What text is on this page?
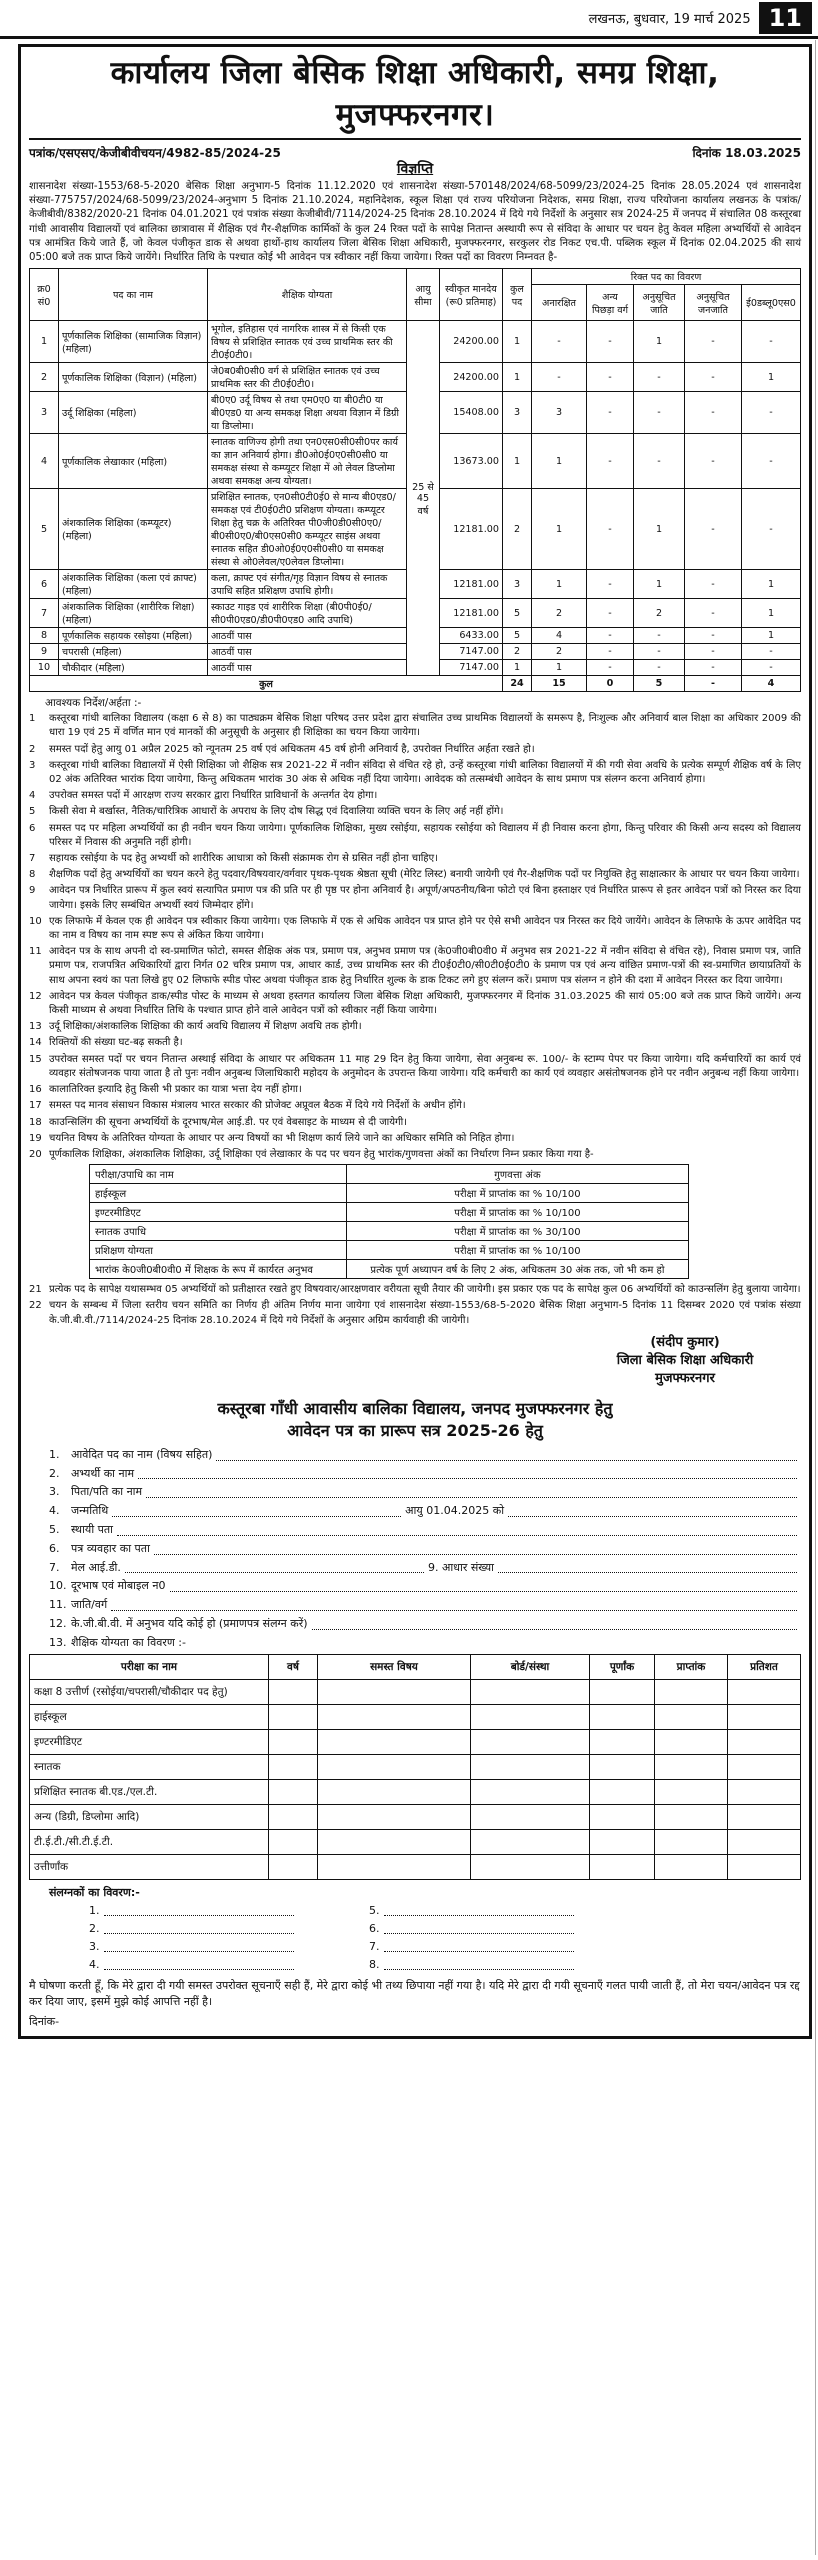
लखनऊ, बुधवार, 19 मार्च 2025 11
कार्यालय जिला बेसिक शिक्षा अधिकारी, समग्र शिक्षा, मुजफ्फरनगर।
पत्रांक/एसएसए/केजीबीवीचयन/4982-85/2024-25	दिनांक 18.03.2025
विज्ञप्ति
शासनादेश संख्या-1553/68-5-2020 बेसिक शिक्षा अनुभाग-5 दिनांक 11.12.2020 एवं शासनादेश संख्या-570148/2024/68-5099/23/2024-25 दिनांक 28.05.2024 एवं शासनादेश संख्या-775757/2024/68-5099/23/2024-अनुभाग 5 दिनांक 21.10.2024, महानिदेशक, स्कूल शिक्षा एवं राज्य परियोजना निदेशक, समग्र शिक्षा, राज्य परियोजना कार्यालय लखनऊ के पत्रांक/केजीबीवी/8382/2020-21 दिनांक 04.01.2021 एवं पत्रांक संख्या केजीबीवी/7114/2024-25 दिनांक 28.10.2024 में दिये गये निर्देशों के अनुसार सत्र 2024-25 में जनपद में संचालित 08 कस्तूरबा गांधी आवासीय विद्यालयों एवं बालिका छात्रावास में शैक्षिक एवं गैर-शैक्षणिक कार्मिकों के कुल 24 रिक्त पदों के सापेक्ष नितान्त अस्थायी रूप से संविदा के आधार पर चयन हेतु केवल महिला अभ्यर्थियों से आवेदन पत्र आमंत्रित किये जाते हैं, जो केवल पंजीकृत डाक से अथवा हाथों-हाथ कार्यालय जिला बेसिक शिक्षा अधिकारी, मुजफ्फरनगर, सरकुलर रोड निकट एच.पी. पब्लिक स्कूल में दिनांक 02.04.2025 की सायं 05:00 बजे तक प्राप्त किये जायेंगे। निर्धारित तिथि के पश्चात कोई भी आवेदन पत्र स्वीकार नहीं किया जायेगा। रिक्त पदों का विवरण निम्नवत है-
क्र0 सं0	पद का नाम	शैक्षिक योग्यता	आयु सीमा	स्वीकृत मानदेय (रू0 प्रतिमाह)	कुल पद	रिक्त पद का विवरण				
						अनारक्षित	अन्य पिछड़ा वर्ग	अनुसूचित जाति	अनुसूचित जनजाति	ई0डब्लू0एस0
1	पूर्णकालिक शिक्षिका (सामाजिक विज्ञान) (महिला)	भूगोल, इतिहास एवं नागरिक शास्त्र में से किसी एक विषय से प्रशिक्षित स्नातक एवं उच्च प्राथमिक स्तर की टी0ई0टी0।	25 से 45 वर्ष	24200.00	1	-	-	1	-	-
2	पूर्णकालिक शिक्षिका (विज्ञान) (महिला)	जे0ब0बी0सी0 वर्ग से प्रशिक्षित स्नातक एवं उच्च प्राथमिक स्तर की टी0ई0टी0।		24200.00	1	-	-	-	-	1
3	उर्दू शिक्षिका (महिला)	बी0ए0 उर्दू विषय से तथा एम0ए0 या बी0टी0 या बी0एड0 या अन्य समकक्ष शिक्षा अथवा विज्ञान में डिग्री या डिप्लोमा।		15408.00	3	3	-	-	-	-
4	पूर्णकालिक लेखाकार (महिला)	स्नातक वाणिज्य होगी तथा एन0एस0सी0सी0पर कार्य का ज्ञान अनिवार्य होगा। डी0ओ0ई0ए0सी0सी0 या समकक्ष संस्था से कम्प्यूटर शिक्षा में ओ लेवल डिप्लोमा अथवा समकक्ष अन्य योग्यता।		13673.00	1	1	-	-	-	-
5	अंशकालिक शिक्षिका (कम्प्यूटर) (महिला)	प्रशिक्षित स्नातक, एन0सी0टी0ई0 से मान्य बी0एड0/समकक्ष एवं टी0ई0टी0 प्रशिक्षण योग्यता। कम्प्यूटर शिक्षा हेतु चक्र के अतिरिक्त पी0जी0डी0सी0ए0/बी0सी0ए0/बी0एस0सी0 कम्प्यूटर साइंस अथवा स्नातक सहित डी0ओ0ई0ए0सी0सी0 या समकक्ष संस्था से ओ0लेवल/ए0लेवल डिप्लोमा।		12181.00	2	1	-	1	-	-
6	अंशकालिक शिक्षिका (कला एवं क्राफ्ट) (महिला)	कला, क्राफ्ट एवं संगीत/गृह विज्ञान विषय से स्नातक उपाधि सहित प्रशिक्षण उपाधि होगी।		12181.00	3	1	-	1	-	1
7	अंशकालिक शिक्षिका (शारीरिक शिक्षा) (महिला)	स्काउट गाइड एवं शारीरिक शिक्षा (बी0पी0ई0/सी0पी0एड0/डी0पी0एड0 आदि उपाधि)		12181.00	5	2	-	2	-	1
8	पूर्णकालिक सहायक रसोइया (महिला)	आठवीं पास		6433.00	5	4	-	-	-	1
9	चपरासी (महिला)	आठवीं पास		7147.00	2	2	-	-	-	-
10	चौकीदार (महिला)	आठवीं पास		7147.00	1	1	-	-	-	-
कुल					24	15	0	5	-	4
आवश्यक निर्देश/अर्हता :-
1	कस्तूरबा गांधी बालिका विद्यालय (कक्षा 6 से 8) का पाठ्यक्रम बेसिक शिक्षा परिषद उत्तर प्रदेश द्वारा संचालित उच्च प्राथमिक विद्यालयों के समरूप है, निःशुल्क और अनिवार्य बाल शिक्षा का अधिकार 2009 की धारा 19 एवं 25 में वर्णित मान एवं मानकों की अनुसूची के अनुसार ही शिक्षिका का चयन किया जायेगा।
2	समस्त पदों हेतु आयु 01 अप्रैल 2025 को न्यूनतम 25 वर्ष एवं अधिकतम 45 वर्ष होनी अनिवार्य है, उपरोक्त निर्धारित अर्हता रखते हो।
3	कस्तूरबा गांधी बालिका विद्यालयों में ऐसी शिक्षिका जो शैक्षिक सत्र 2021-22 में नवीन संविदा से वंचित रहे हो, उन्हें कस्तूरबा गांधी बालिका विद्यालयों में की गयी सेवा अवधि के प्रत्येक सम्पूर्ण शैक्षिक वर्ष के लिए 02 अंक अतिरिक्त भारांक दिया जायेगा, किन्तु अधिकतम भारांक 30 अंक से अधिक नहीं दिया जायेगा। आवेदक को तत्सम्बंधी आवेदन के साथ प्रमाण पत्र संलग्न करना अनिवार्य होगा।
4	उपरोक्त समस्त पदों में आरक्षण राज्य सरकार द्वारा निर्धारित प्राविधानों के अन्तर्गत देय होगा।
5	किसी सेवा मे बर्खास्त, नैतिक/चारित्रिक आधारों के अपराध के लिए दोष सिद्ध एवं दिवालिया व्यक्ति चयन के लिए अर्ह नहीं होंगे।
6	समस्त पद पर महिला अभ्यर्थियों का ही नवीन चयन किया जायेगा। पूर्णकालिक शिक्षिका, मुख्य रसोईया, सहायक रसोईया को विद्यालय में ही निवास करना होगा, किन्तु परिवार की किसी अन्य सदस्य को विद्यालय परिसर में निवास की अनुमति नहीं होगी।
7	सहायक रसोईया के पद हेतु अभ्यर्थी को शारीरिक आधात्रा को किसी संक्रामक रोग से ग्रसित नहीं होना चाहिए।
8	शैक्षणिक पदों हेतु अभ्यर्थियों का चयन करने हेतु पदवार/विषयवार/वर्गवार पृथक-पृथक श्रेष्ठता सूची (मेरिट लिस्ट) बनायी जायेगी एवं गैर-शैक्षणिक पदों पर नियुक्ति हेतु साक्षात्कार के आधार पर चयन किया जायेगा।
9	आवेदन पत्र निर्धारित प्रारूप में कुल स्वयं सत्यापित प्रमाण पत्र की प्रति पर ही पृष्ठ पर होना अनिवार्य है। अपूर्ण/अपठनीय/बिना फोटो एवं बिना हस्ताक्षर एवं निर्धारित प्रारूप से इतर आवेदन पत्रों को निरस्त कर दिया जायेगा। इसके लिए सम्बंधित अभ्यर्थी स्वयं जिम्मेदार होंगे।
10 एक लिफाफे में केवल एक ही आवेदन पत्र स्वीकार किया जायेगा। एक लिफाफे में एक से अधिक आवेदन पत्र प्राप्त होने पर ऐसे सभी आवेदन पत्र निरस्त कर दिये जायेंगे। आवेदन के लिफाफे के ऊपर आवेदित पद का नाम व विषय का नाम स्पष्ट रूप से अंकित किया जायेगा।
11 आवेदन पत्र के साथ अपनी दो स्व-प्रमाणित फोटो, समस्त शैक्षिक अंक पत्र, प्रमाण पत्र, अनुभव प्रमाण पत्र (के0जी0बी0वी0 में अनुभव सत्र 2021-22 में नवीन संविदा से वंचित रहे), निवास प्रमाण पत्र, जाति प्रमाण पत्र, राजपत्रित अधिकारियों द्वारा निर्गत 02 चरित्र प्रमाण पत्र, आधार कार्ड, उच्च प्राथमिक स्तर की टी0ई0टी0/सी0टी0ई0टी0 के प्रमाण पत्र एवं अन्य वांछित प्रमाण-पत्रों की स्व-प्रमाणित छायाप्रतियों के साथ अपना स्वयं का पता लिखे हुए 02 लिफाफे स्पीड पोस्ट अथवा पंजीकृत डाक हेतु निर्धारित शुल्क के डाक टिकट लगे हुए संलग्न करें। प्रमाण पत्र संलग्न न होने की दशा में आवेदन निरस्त कर दिया जायेगा।
12 आवेदन पत्र केवल पंजीकृत डाक/स्पीड पोस्ट के माध्यम से अथवा हस्तगत कार्यालय जिला बेसिक शिक्षा अधिकारी, मुजफ्फरनगर में दिनांक 31.03.2025 की सायं 05:00 बजे तक प्राप्त किये जायेंगे। अन्य किसी माध्यम से अथवा निर्धारित तिथि के पश्चात प्राप्त होने वाले आवेदन पत्रों को स्वीकार नहीं किया जायेगा।
13 उर्दू शिक्षिका/अंशकालिक शिक्षिका की कार्य अवधि विद्यालय में शिक्षण अवधि तक होगी।
14 रिक्तियों की संख्या घट-बढ़ सकती है।
15 उपरोक्त समस्त पदों पर चयन नितान्त अस्थाई संविदा के आधार पर अधिकतम 11 माह 29 दिन हेतु किया जायेगा, सेवा अनुबन्ध रू. 100/- के स्टाम्प पेपर पर किया जायेगा। यदि कर्मचारियों का कार्य एवं व्यवहार संतोषजनक पाया जाता है तो पुनः नवीन अनुबन्ध जिलाधिकारी महोदय के अनुमोदन के उपरान्त किया जायेगा। यदि कर्मचारी का कार्य एवं व्यवहार असंतोषजनक होने पर नवीन अनुबन्ध नहीं किया जायेगा।
16 कालातिरिक्त इत्यादि हेतु किसी भी प्रकार का यात्रा भत्ता देय नहीं होगा।
17 समस्त पद मानव संसाधन विकास मंत्रालय भारत सरकार की प्रोजेक्ट अप्रूवल बैठक में दिये गये निर्देशों के अधीन होंगे।
18 काउन्सिलिंग की सूचना अभ्यर्थियों के दूरभाष/मेल आई.डी. पर एवं वेबसाइट के माध्यम से दी जायेगी।
19 चयनित विषय के अतिरिक्त योग्यता के आधार पर अन्य विषयों का भी शिक्षण कार्य लिये जाने का अधिकार समिति को निहित होगा।
20 पूर्णकालिक शिक्षिका, अंशकालिक शिक्षिका, उर्दू शिक्षिका एवं लेखाकार के पद पर चयन हेतु भारांक/गुणवत्ता अंकों का निर्धारण निम्न प्रकार किया गया है-
परीक्षा/उपाधि का नाम	गुणवत्ता अंक
हाईस्कूल	परीक्षा में प्राप्तांक का % 10/100
इण्टरमीडिएट	परीक्षा में प्राप्तांक का % 10/100
स्नातक उपाधि	परीक्षा में प्राप्तांक का % 30/100
प्रशिक्षण योग्यता	परीक्षा में प्राप्तांक का % 10/100
भारांक के0जी0बी0वी0 में शिक्षक के रूप में कार्यरत अनुभव	प्रत्येक पूर्ण अध्यापन वर्ष के लिए 2 अंक, अधिकतम 30 अंक तक, जो भी कम हो
21 प्रत्येक पद के सापेक्ष यथासम्भव 05 अभ्यर्थियों को प्रतीक्षारत रखते हुए विषयवार/आरक्षणवार वरीयता सूची तैयार की जायेगी। इस प्रकार एक पद के सापेक्ष कुल 06 अभ्यर्थियों को काउन्सलिंग हेतु बुलाया जायेगा।
22 चयन के सम्बन्ध में जिला स्तरीय चयन समिति का निर्णय ही अंतिम निर्णय माना जायेगा एवं शासनादेश संख्या-1553/68-5-2020 बेसिक शिक्षा अनुभाग-5 दिनांक 11 दिसम्बर 2020 एवं पत्रांक संख्या के.जी.बी.वी./7114/2024-25 दिनांक 28.10.2024 में दिये गये निर्देशों के अनुसार अग्रिम कार्यवाही की जायेगी।
(संदीप कुमार)
जिला बेसिक शिक्षा अधिकारी
मुजफ्फरनगर
कस्तूरबा गाँधी आवासीय बालिका विद्यालय, जनपद मुजफ्फरनगर हेतु
आवेदन पत्र का प्रारूप सत्र 2025-26 हेतु
1.	आवेदित पद का नाम (विषय सहित)
2.	अभ्यर्थी का नाम
3.	पिता/पति का नाम
4.	जन्मतिथि	आयु 01.04.2025 को
5.	स्थायी पता
6.	पत्र व्यवहार का पता
7.	मेल आई.डी.	9. आधार संख्या
10. दूरभाष एवं मोबाइल न0
11. जाति/वर्ग
12. के.जी.बी.वी. में अनुभव यदि कोई हो (प्रमाणपत्र संलग्न करें)
13. शैक्षिक योग्यता का विवरण :-
परीक्षा का नाम	वर्ष	समस्त विषय	बोर्ड/संस्था	पूर्णांक	प्राप्तांक	प्रतिशत
कक्षा 8 उत्तीर्ण (रसोईया/चपरासी/चौकीदार पद हेतु)						
हाईस्कूल						
इण्टरमीडिएट						
स्नातक						
प्रशिक्षित स्नातक बी.एड./एल.टी.						
अन्य (डिग्री, डिप्लोमा आदि)						
टी.ई.टी./सी.टी.ई.टी.						
उत्तीर्णांक						
संलग्नकों का विवरण:-
1.	5.
2.	6.
3.	7.
4.	8.
मै घोषणा करती हूँ, कि मेरे द्वारा दी गयी समस्त उपरोक्त सूचनाएँ सही हैं, मेरे द्वारा कोई भी तथ्य छिपाया नहीं गया है। यदि मेरे द्वारा दी गयी सूचनाएँ गलत पायी जाती हैं, तो मेरा चयन/आवेदन पत्र रद्द कर दिया जाए, इसमें मुझे कोई आपत्ति नहीं है।
दिनांक-
